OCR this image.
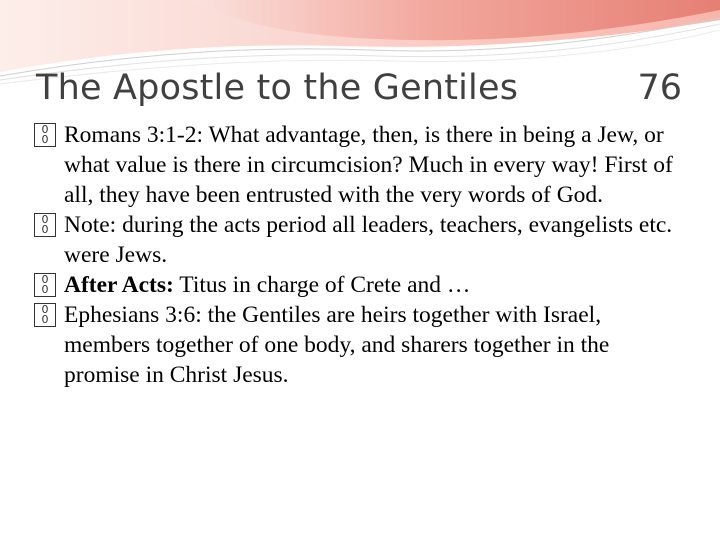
The Apostle to the Gentiles	76

0
0 Romans 3:1-2: What advantage, then, is there in being a Jew, or what value is there in circumcision? Much in every way! First of all, they have been entrusted with the very words of God.

0
0 Note: during the acts period all leaders, teachers, evangelists etc. were Jews.

0
0 After Acts: Titus in charge of Crete and …

0
0 Ephesians 3:6: the Gentiles are heirs together with Israel, members together of one body, and sharers together in the promise in Christ Jesus.
